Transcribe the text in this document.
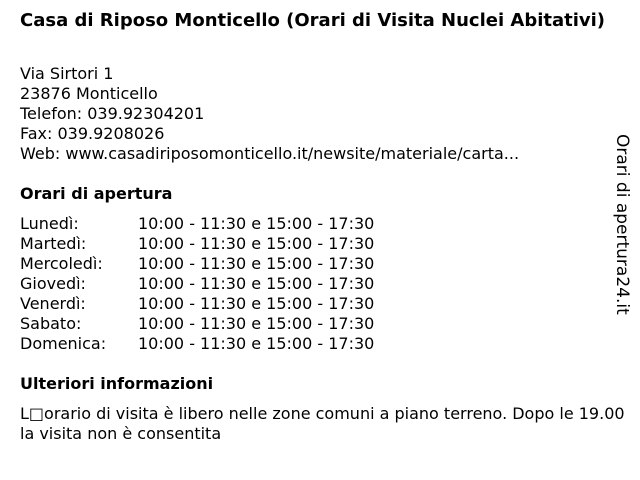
Casa di Riposo Monticello (Orari di Visita Nuclei Abitativi)
Via Sirtori 1
23876 Monticello
Telefon: 039.92304201
Fax: 039.9208026
Web: www.casadiriposomonticello.it/newsite/materiale/carta...
Orari di apertura
Lunedì:	10:00 - 11:30 e 15:00 - 17:30
Martedì:	10:00 - 11:30 e 15:00 - 17:30
Mercoledì:	10:00 - 11:30 e 15:00 - 17:30
Giovedì:	10:00 - 11:30 e 15:00 - 17:30
Venerdì:	10:00 - 11:30 e 15:00 - 17:30
Sabato:	10:00 - 11:30 e 15:00 - 17:30
Domenica:	10:00 - 11:30 e 15:00 - 17:30
Ulteriori informazioni
L□orario di visita è libero nelle zone comuni a piano terreno. Dopo le 19.00 la visita non è consentita
Orari di apertura24.it
